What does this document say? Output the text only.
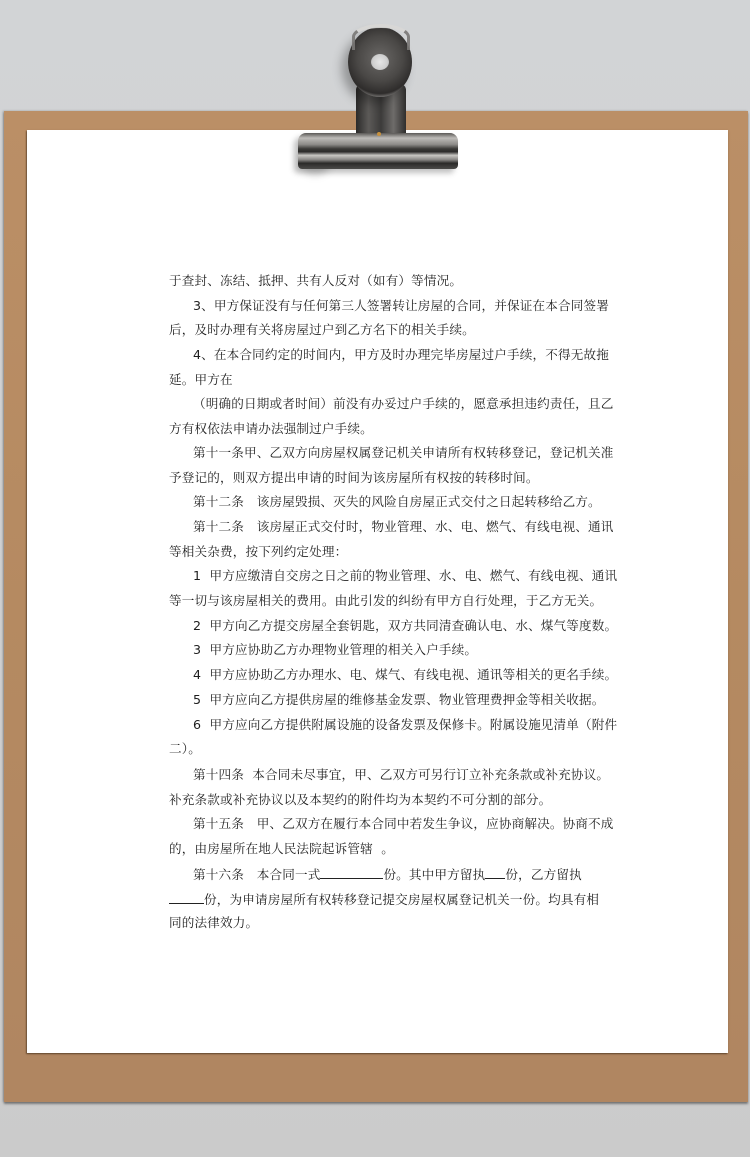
于查封、冻结、抵押、共有人反对（如有）等情况。
3、甲方保证没有与任何第三人签署转让房屋的合同，并保证在本合同签署
后，及时办理有关将房屋过户到乙方名下的相关手续。
4、在本合同约定的时间内，甲方及时办理完毕房屋过户手续，不得无故拖
延。甲方在
（明确的日期或者时间）前没有办妥过户手续的，愿意承担违约责任，且乙
方有权依法申请办法强制过户手续。
第十一条甲、乙双方向房屋权属登记机关申请所有权转移登记，登记机关准
予登记的，则双方提出申请的时间为该房屋所有权按的转移时间。
第十二条　该房屋毁损、灭失的风险自房屋正式交付之日起转移给乙方。
第十二条　该房屋正式交付时，物业管理、水、电、燃气、有线电视、通讯
等相关杂费，按下列约定处理：
1  甲方应缴清自交房之日之前的物业管理、水、电、燃气、有线电视、通讯
等一切与该房屋相关的费用。由此引发的纠纷有甲方自行处理，于乙方无关。
2  甲方向乙方提交房屋全套钥匙，双方共同清查确认电、水、煤气等度数。
3  甲方应协助乙方办理物业管理的相关入户手续。
4  甲方应协助乙方办理水、电、煤气、有线电视、通讯等相关的更名手续。
5  甲方应向乙方提供房屋的维修基金发票、物业管理费押金等相关收据。
6  甲方应向乙方提供附属设施的设备发票及保修卡。附属设施见清单（附件
二）。
第十四条  本合同未尽事宜，甲、乙双方可另行订立补充条款或补充协议。
补充条款或补充协议以及本契约的附件均为本契约不可分割的部分。
第十五条　甲、乙双方在履行本合同中若发生争议，应协商解决。协商不成
的，由房屋所在地人民法院起诉管辖  。
第十六条　本合同一式	份。其中甲方留执 份，乙方留执
份，为申请房屋所有权转移登记提交房屋权属登记机关一份。均具有相
同的法律效力。
